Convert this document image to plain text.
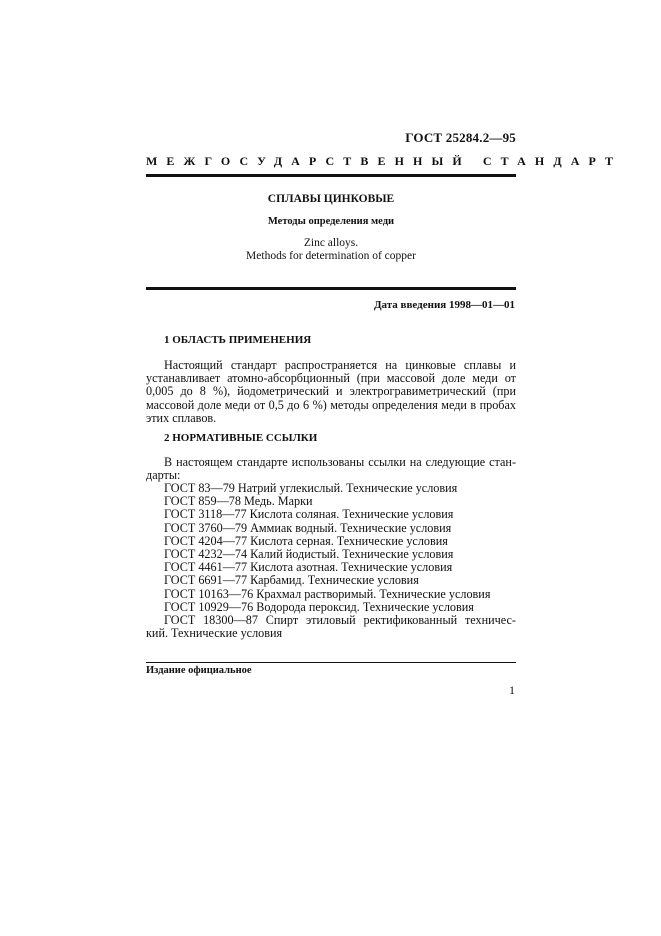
ГОСТ 25284.2—95
МЕЖГОСУДАРСТВЕННЫЙ СТАНДАРТ
СПЛАВЫ ЦИНКОВЫЕ
Методы определения меди
Zinc alloys.
Methods for determination of copper
Дата введения 1998—01—01
1 ОБЛАСТЬ ПРИМЕНЕНИЯ
Настоящий стандарт распространяется на цинковые сплавы и
устанавливает атомно-абсорбционный (при массовой доле меди от
0,005 до 8 %), йодометрический и электрогравиметрический (при
массовой доле меди от 0,5 до 6 %) методы определения меди в пробах
этих сплавов.
2 НОРМАТИВНЫЕ ССЫЛКИ
В настоящем стандарте использованы ссылки на следующие стан-
дарты:
ГОСТ 83—79 Натрий углекислый. Технические условия
ГОСТ 859—78 Медь. Марки
ГОСТ 3118—77 Кислота соляная. Технические условия
ГОСТ 3760—79 Аммиак водный. Технические условия
ГОСТ 4204—77 Кислота серная. Технические условия
ГОСТ 4232—74 Калий йодистый. Технические условия
ГОСТ 4461—77 Кислота азотная. Технические условия
ГОСТ 6691—77 Карбамид. Технические условия
ГОСТ 10163—76 Крахмал растворимый. Технические условия
ГОСТ 10929—76 Водорода пероксид. Технические условия
ГОСТ 18300—87 Спирт этиловый ректификованный техничес-
кий. Технические условия
Издание официальное
1
